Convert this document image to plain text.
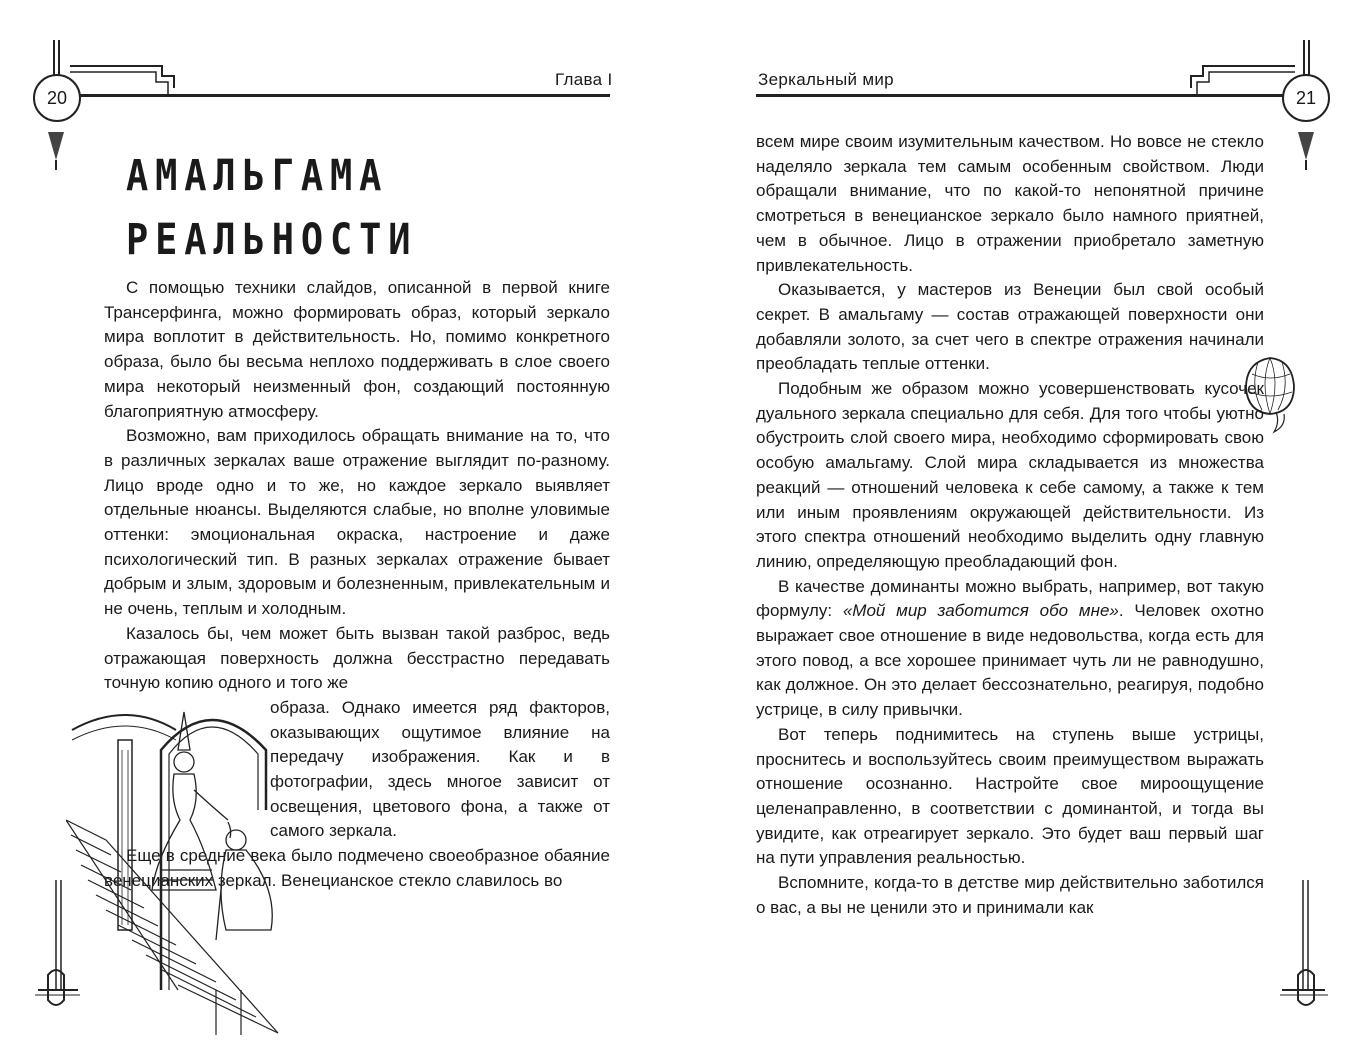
20
Глава I
АМАЛЬГАМА
РЕАЛЬНОСТИ

С помощью техники слайдов, описанной в первой книге Трансерфинга, можно формировать образ, который зеркало мира воплотит в действительность. Но, помимо конкретного образа, было бы весьма неплохо поддерживать в слое своего мира некоторый неизменный фон, создающий постоянную благоприятную атмосферу.

Возможно, вам приходилось обращать внимание на то, что в различных зеркалах ваше отражение выглядит по-разному. Лицо вроде одно и то же, но каждое зеркало выявляет отдельные нюансы. Выделяются слабые, но вполне уловимые оттенки: эмоциональная окраска, настроение и даже психологический тип. В разных зеркалах отражение бывает добрым и злым, здоровым и болезненным, привлекательным и не очень, теплым и холодным.

Казалось бы, чем может быть вызван такой разброс, ведь отражающая поверхность должна бесстрастно передавать точную копию одного и того же

образа. Однако имеется ряд факторов, оказывающих ощутимое влияние на передачу изображения. Как и в фотографии, здесь многое зависит от освещения, цветового фона, а также от самого зеркала.

Еще в средние века было подмечено своеобразное обаяние венецианских зеркал. Венецианское стекло славилось во

21
Зеркальный мир

всем мире своим изумительным качеством. Но вовсе не стекло наделяло зеркала тем самым особенным свойством. Люди обращали внимание, что по какой-то непонятной причине смотреться в венецианское зеркало было намного приятней, чем в обычное. Лицо в отражении приобретало заметную привлекательность.

Оказывается, у мастеров из Венеции был свой особый секрет. В амальгаму — состав отражающей поверхности они добавляли золото, за счет чего в спектре отражения начинали преобладать теплые оттенки.

Подобным же образом можно усовершенствовать кусочек дуального зеркала специально для себя. Для того чтобы уютно обустроить слой своего мира, необходимо сформировать свою особую амальгаму. Слой мира складывается из множества реакций — отношений человека к себе самому, а также к тем или иным проявлениям окружающей действительности. Из этого спектра отношений необходимо выделить одну главную линию, определяющую преобладающий фон.

В качестве доминанты можно выбрать, например, вот такую формулу: «Мой мир заботится обо мне». Человек охотно выражает свое отношение в виде недовольства, когда есть для этого повод, а все хорошее принимает чуть ли не равнодушно, как должное. Он это делает бессознательно, реагируя, подобно устрице, в силу привычки.

Вот теперь поднимитесь на ступень выше устрицы, проснитесь и воспользуйтесь своим преимуществом выражать отношение осознанно. Настройте свое мироощущение целенаправленно, в соответствии с доминантой, и тогда вы увидите, как отреагирует зеркало. Это будет ваш первый шаг на пути управления реальностью.

Вспомните, когда-то в детстве мир действительно заботился о вас, а вы не ценили это и принимали как
